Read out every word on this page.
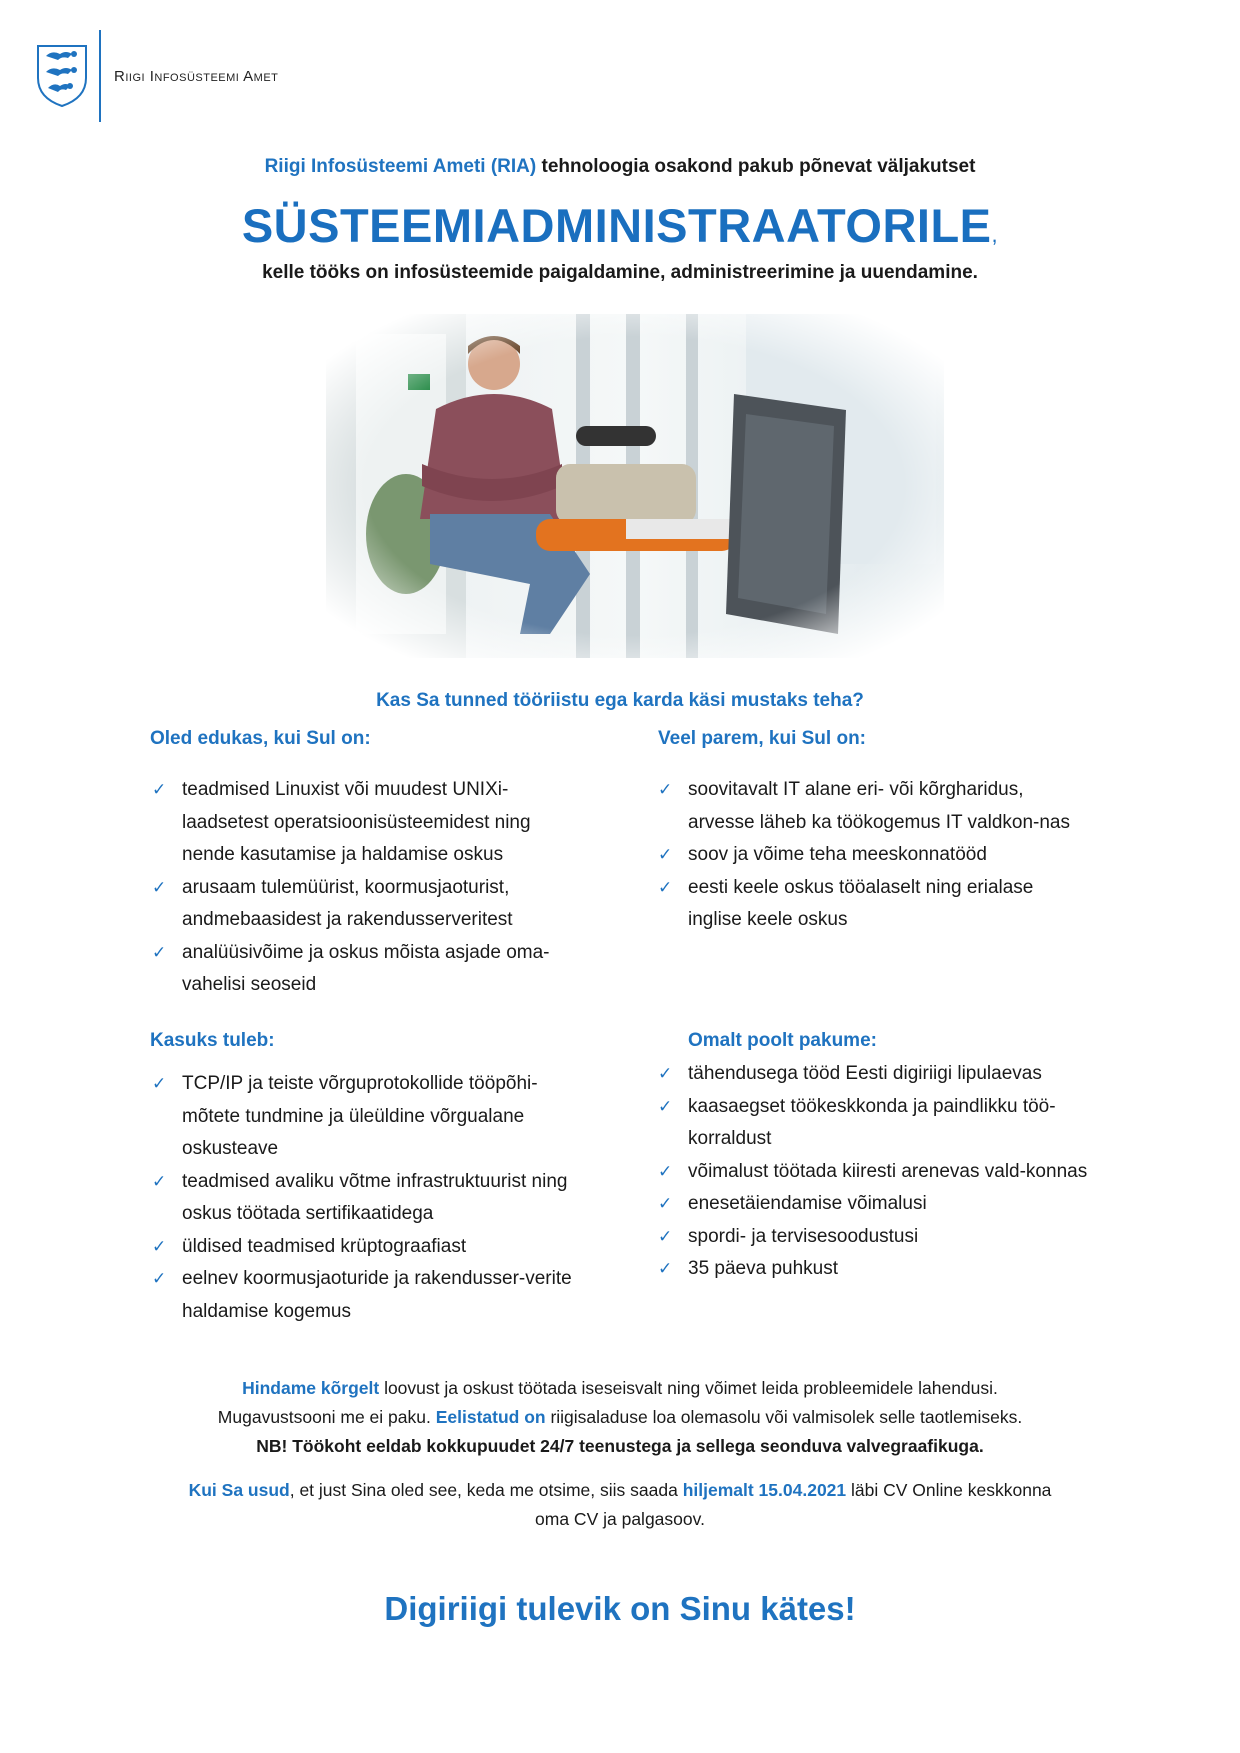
Riigi Infosüsteemi Amet
Riigi Infosüsteemi Ameti (RIA) tehnoloogia osakond pakub põnevat väljakutset
SÜSTEEMIADMINISTRAATORILE,
kelle tööks on infosüsteemide paigaldamine, administreerimine ja uuendamine.
Kas Sa tunned tööriistu ega karda käsi mustaks teha?
Oled edukas, kui Sul on:
✓ teadmised Linuxist või muudest UNIXi-laadsetest operatsioonisüsteemidest ning nende kasutamise ja haldamise oskus
✓ arusaam tulemüürist, koormusjaoturist, andmebaasidest ja rakendusserveritest
✓ analüüsivõime ja oskus mõista asjade oma-vahelisi seoseid
Veel parem, kui Sul on:
✓ soovitavalt IT alane eri- või kõrgharidus, arvesse läheb ka töökogemus IT valdkon-nas
✓ soov ja võime teha meeskonnatööd
✓ eesti keele oskus tööalaselt ning erialase inglise keele oskus
Kasuks tuleb:
✓ TCP/IP ja teiste võrguprotokollide tööpõhi-mõtete tundmine ja üleüldine võrgualane oskusteave
✓ teadmised avaliku võtme infrastruktuurist ning oskus töötada sertifikaatidega
✓ üldised teadmised krüptograafiast
✓ eelnev koormusjaoturide ja rakendusser-verite haldamise kogemus
Omalt poolt pakume:
✓ tähendusega tööd Eesti digiriigi lipulaevas
✓ kaasaegset töökeskkonda ja paindlikku töö-korraldust
✓ võimalust töötada kiiresti arenevas vald-konnas
✓ enesetäiendamise võimalusi
✓ spordi- ja tervisesoodustusi
✓ 35 päeva puhkust
Hindame kõrgelt loovust ja oskust töötada iseseisvalt ning võimet leida probleemidele lahendusi.
Mugavustsooni me ei paku. Eelistatud on riigisaladuse loa olemasolu või valmisolek selle taotlemiseks.
NB! Töökoht eeldab kokkupuudet 24/7 teenustega ja sellega seonduva valvegraafikuga.
Kui Sa usud, et just Sina oled see, keda me otsime, siis saada hiljemalt 15.04.2021 läbi CV Online keskkonna
oma CV ja palgasoov.
Digiriigi tulevik on Sinu kätes!
